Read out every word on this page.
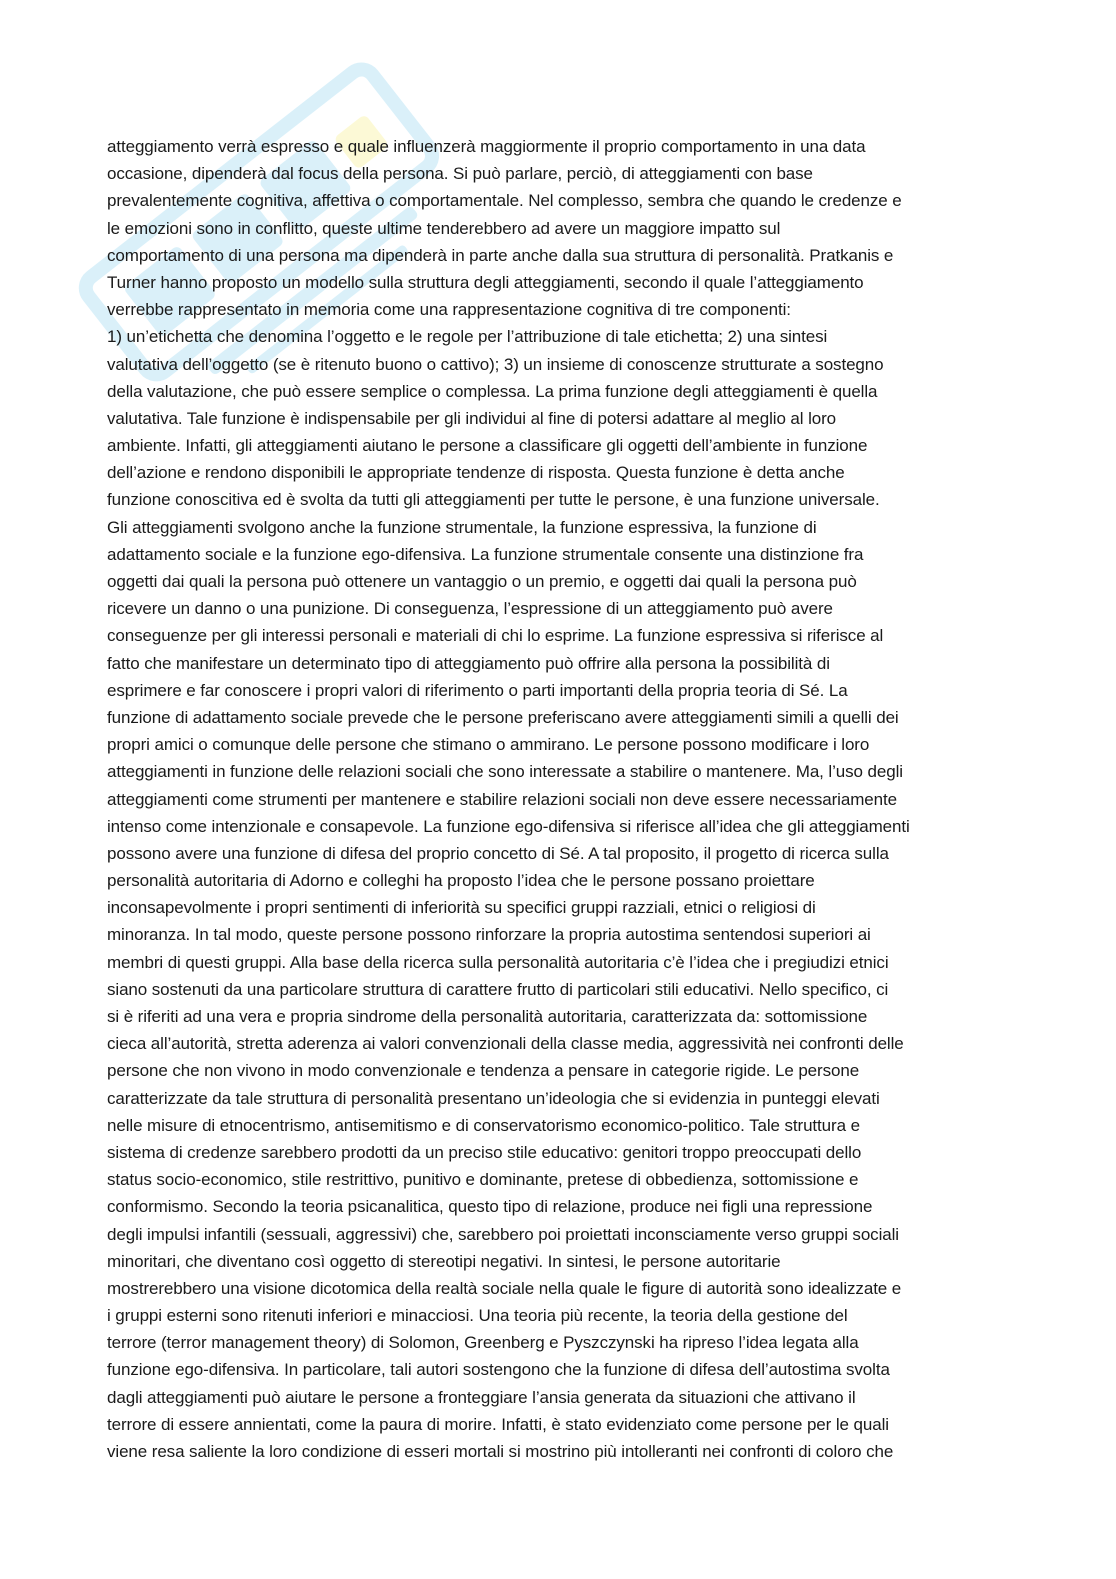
atteggiamento verrà espresso e quale influenzerà maggiormente il proprio comportamento in una data
occasione, dipenderà dal focus della persona. Si può parlare, perciò, di atteggiamenti con base
prevalentemente cognitiva, affettiva o comportamentale. Nel complesso, sembra che quando le credenze e
le emozioni sono in conflitto, queste ultime tenderebbero ad avere un maggiore impatto sul
comportamento di una persona ma dipenderà in parte anche dalla sua struttura di personalità. Pratkanis e
Turner hanno proposto un modello sulla struttura degli atteggiamenti, secondo il quale l’atteggiamento
verrebbe rappresentato in memoria come una rappresentazione cognitiva di tre componenti:
1) un’etichetta che denomina l’oggetto e le regole per l’attribuzione di tale etichetta; 2) una sintesi
valutativa dell’oggetto (se è ritenuto buono o cattivo); 3) un insieme di conoscenze strutturate a sostegno
della valutazione, che può essere semplice o complessa. La prima funzione degli atteggiamenti è quella
valutativa. Tale funzione è indispensabile per gli individui al fine di potersi adattare al meglio al loro
ambiente. Infatti, gli atteggiamenti aiutano le persone a classificare gli oggetti dell’ambiente in funzione
dell’azione e rendono disponibili le appropriate tendenze di risposta. Questa funzione è detta anche
funzione conoscitiva ed è svolta da tutti gli atteggiamenti per tutte le persone, è una funzione universale.
Gli atteggiamenti svolgono anche la funzione strumentale, la funzione espressiva, la funzione di
adattamento sociale e la funzione ego-difensiva. La funzione strumentale consente una distinzione fra
oggetti dai quali la persona può ottenere un vantaggio o un premio, e oggetti dai quali la persona può
ricevere un danno o una punizione. Di conseguenza, l’espressione di un atteggiamento può avere
conseguenze per gli interessi personali e materiali di chi lo esprime. La funzione espressiva si riferisce al
fatto che manifestare un determinato tipo di atteggiamento può offrire alla persona la possibilità di
esprimere e far conoscere i propri valori di riferimento o parti importanti della propria teoria di Sé. La
funzione di adattamento sociale prevede che le persone preferiscano avere atteggiamenti simili a quelli dei
propri amici o comunque delle persone che stimano o ammirano. Le persone possono modificare i loro
atteggiamenti in funzione delle relazioni sociali che sono interessate a stabilire o mantenere. Ma, l’uso degli
atteggiamenti come strumenti per mantenere e stabilire relazioni sociali non deve essere necessariamente
intenso come intenzionale e consapevole. La funzione ego-difensiva si riferisce all’idea che gli atteggiamenti
possono avere una funzione di difesa del proprio concetto di Sé. A tal proposito, il progetto di ricerca sulla
personalità autoritaria di Adorno e colleghi ha proposto l’idea che le persone possano proiettare
inconsapevolmente i propri sentimenti di inferiorità su specifici gruppi razziali, etnici o religiosi di
minoranza. In tal modo, queste persone possono rinforzare la propria autostima sentendosi superiori ai
membri di questi gruppi. Alla base della ricerca sulla personalità autoritaria c’è l’idea che i pregiudizi etnici
siano sostenuti da una particolare struttura di carattere frutto di particolari stili educativi. Nello specifico, ci
si è riferiti ad una vera e propria sindrome della personalità autoritaria, caratterizzata da: sottomissione
cieca all’autorità, stretta aderenza ai valori convenzionali della classe media, aggressività nei confronti delle
persone che non vivono in modo convenzionale e tendenza a pensare in categorie rigide. Le persone
caratterizzate da tale struttura di personalità presentano un’ideologia che si evidenzia in punteggi elevati
nelle misure di etnocentrismo, antisemitismo e di conservatorismo economico-politico. Tale struttura e
sistema di credenze sarebbero prodotti da un preciso stile educativo: genitori troppo preoccupati dello
status socio-economico, stile restrittivo, punitivo e dominante, pretese di obbedienza, sottomissione e
conformismo. Secondo la teoria psicanalitica, questo tipo di relazione, produce nei figli una repressione
degli impulsi infantili (sessuali, aggressivi) che, sarebbero poi proiettati inconsciamente verso gruppi sociali
minoritari, che diventano così oggetto di stereotipi negativi. In sintesi, le persone autoritarie
mostrerebbero una visione dicotomica della realtà sociale nella quale le figure di autorità sono idealizzate e
i gruppi esterni sono ritenuti inferiori e minacciosi. Una teoria più recente, la teoria della gestione del
terrore (terror management theory) di Solomon, Greenberg e Pyszczynski ha ripreso l’idea legata alla
funzione ego-difensiva. In particolare, tali autori sostengono che la funzione di difesa dell’autostima svolta
dagli atteggiamenti può aiutare le persone a fronteggiare l’ansia generata da situazioni che attivano il
terrore di essere annientati, come la paura di morire. Infatti, è stato evidenziato come persone per le quali
viene resa saliente la loro condizione di esseri mortali si mostrino più intolleranti nei confronti di coloro che
